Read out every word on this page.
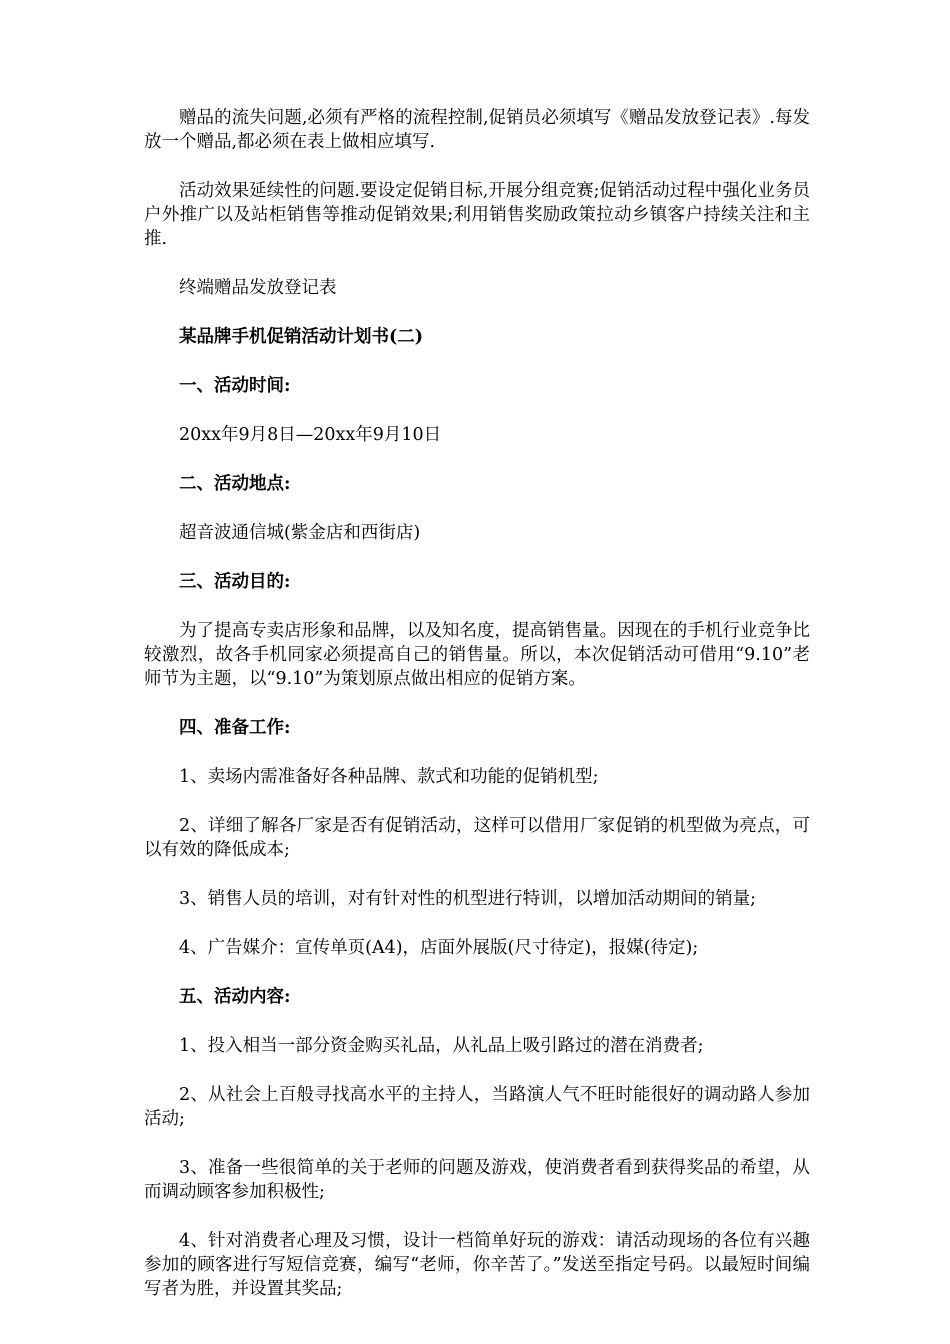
赠品的流失问题,必须有严格的流程控制,促销员必须填写《赠品发放登记表》.每发放一个赠品,都必须在表上做相应填写.

活动效果延续性的问题.要设定促销目标,开展分组竞赛;促销活动过程中强化业务员户外推广以及站柜销售等推动促销效果;利用销售奖励政策拉动乡镇客户持续关注和主推.

终端赠品发放登记表

某品牌手机促销活动计划书(二)

一、活动时间:

20xx年9月8日—20xx年9月10日

二、活动地点:

超音波通信城(紫金店和西街店)

三、活动目的:

为了提高专卖店形象和品牌，以及知名度，提高销售量。因现在的手机行业竞争比较激烈，故各手机同家必须提高自己的销售量。所以，本次促销活动可借用“9.10”老师节为主题，以“9.10”为策划原点做出相应的促销方案。

四、准备工作:

1、卖场内需准备好各种品牌、款式和功能的促销机型;

2、详细了解各厂家是否有促销活动，这样可以借用厂家促销的机型做为亮点，可以有效的降低成本;

3、销售人员的培训，对有针对性的机型进行特训，以增加活动期间的销量;

4、广告媒介：宣传单页(A4)，店面外展版(尺寸待定)，报媒(待定);

五、活动内容:

1、投入相当一部分资金购买礼品，从礼品上吸引路过的潜在消费者;

2、从社会上百般寻找高水平的主持人，当路演人气不旺时能很好的调动路人参加活动;

3、准备一些很简单的关于老师的问题及游戏，使消费者看到获得奖品的希望，从而调动顾客参加积极性;

4、针对消费者心理及习惯，设计一档简单好玩的游戏：请活动现场的各位有兴趣参加的顾客进行写短信竞赛，编写“老师，你辛苦了。”发送至指定号码。以最短时间编写者为胜，并设置其奖品;
